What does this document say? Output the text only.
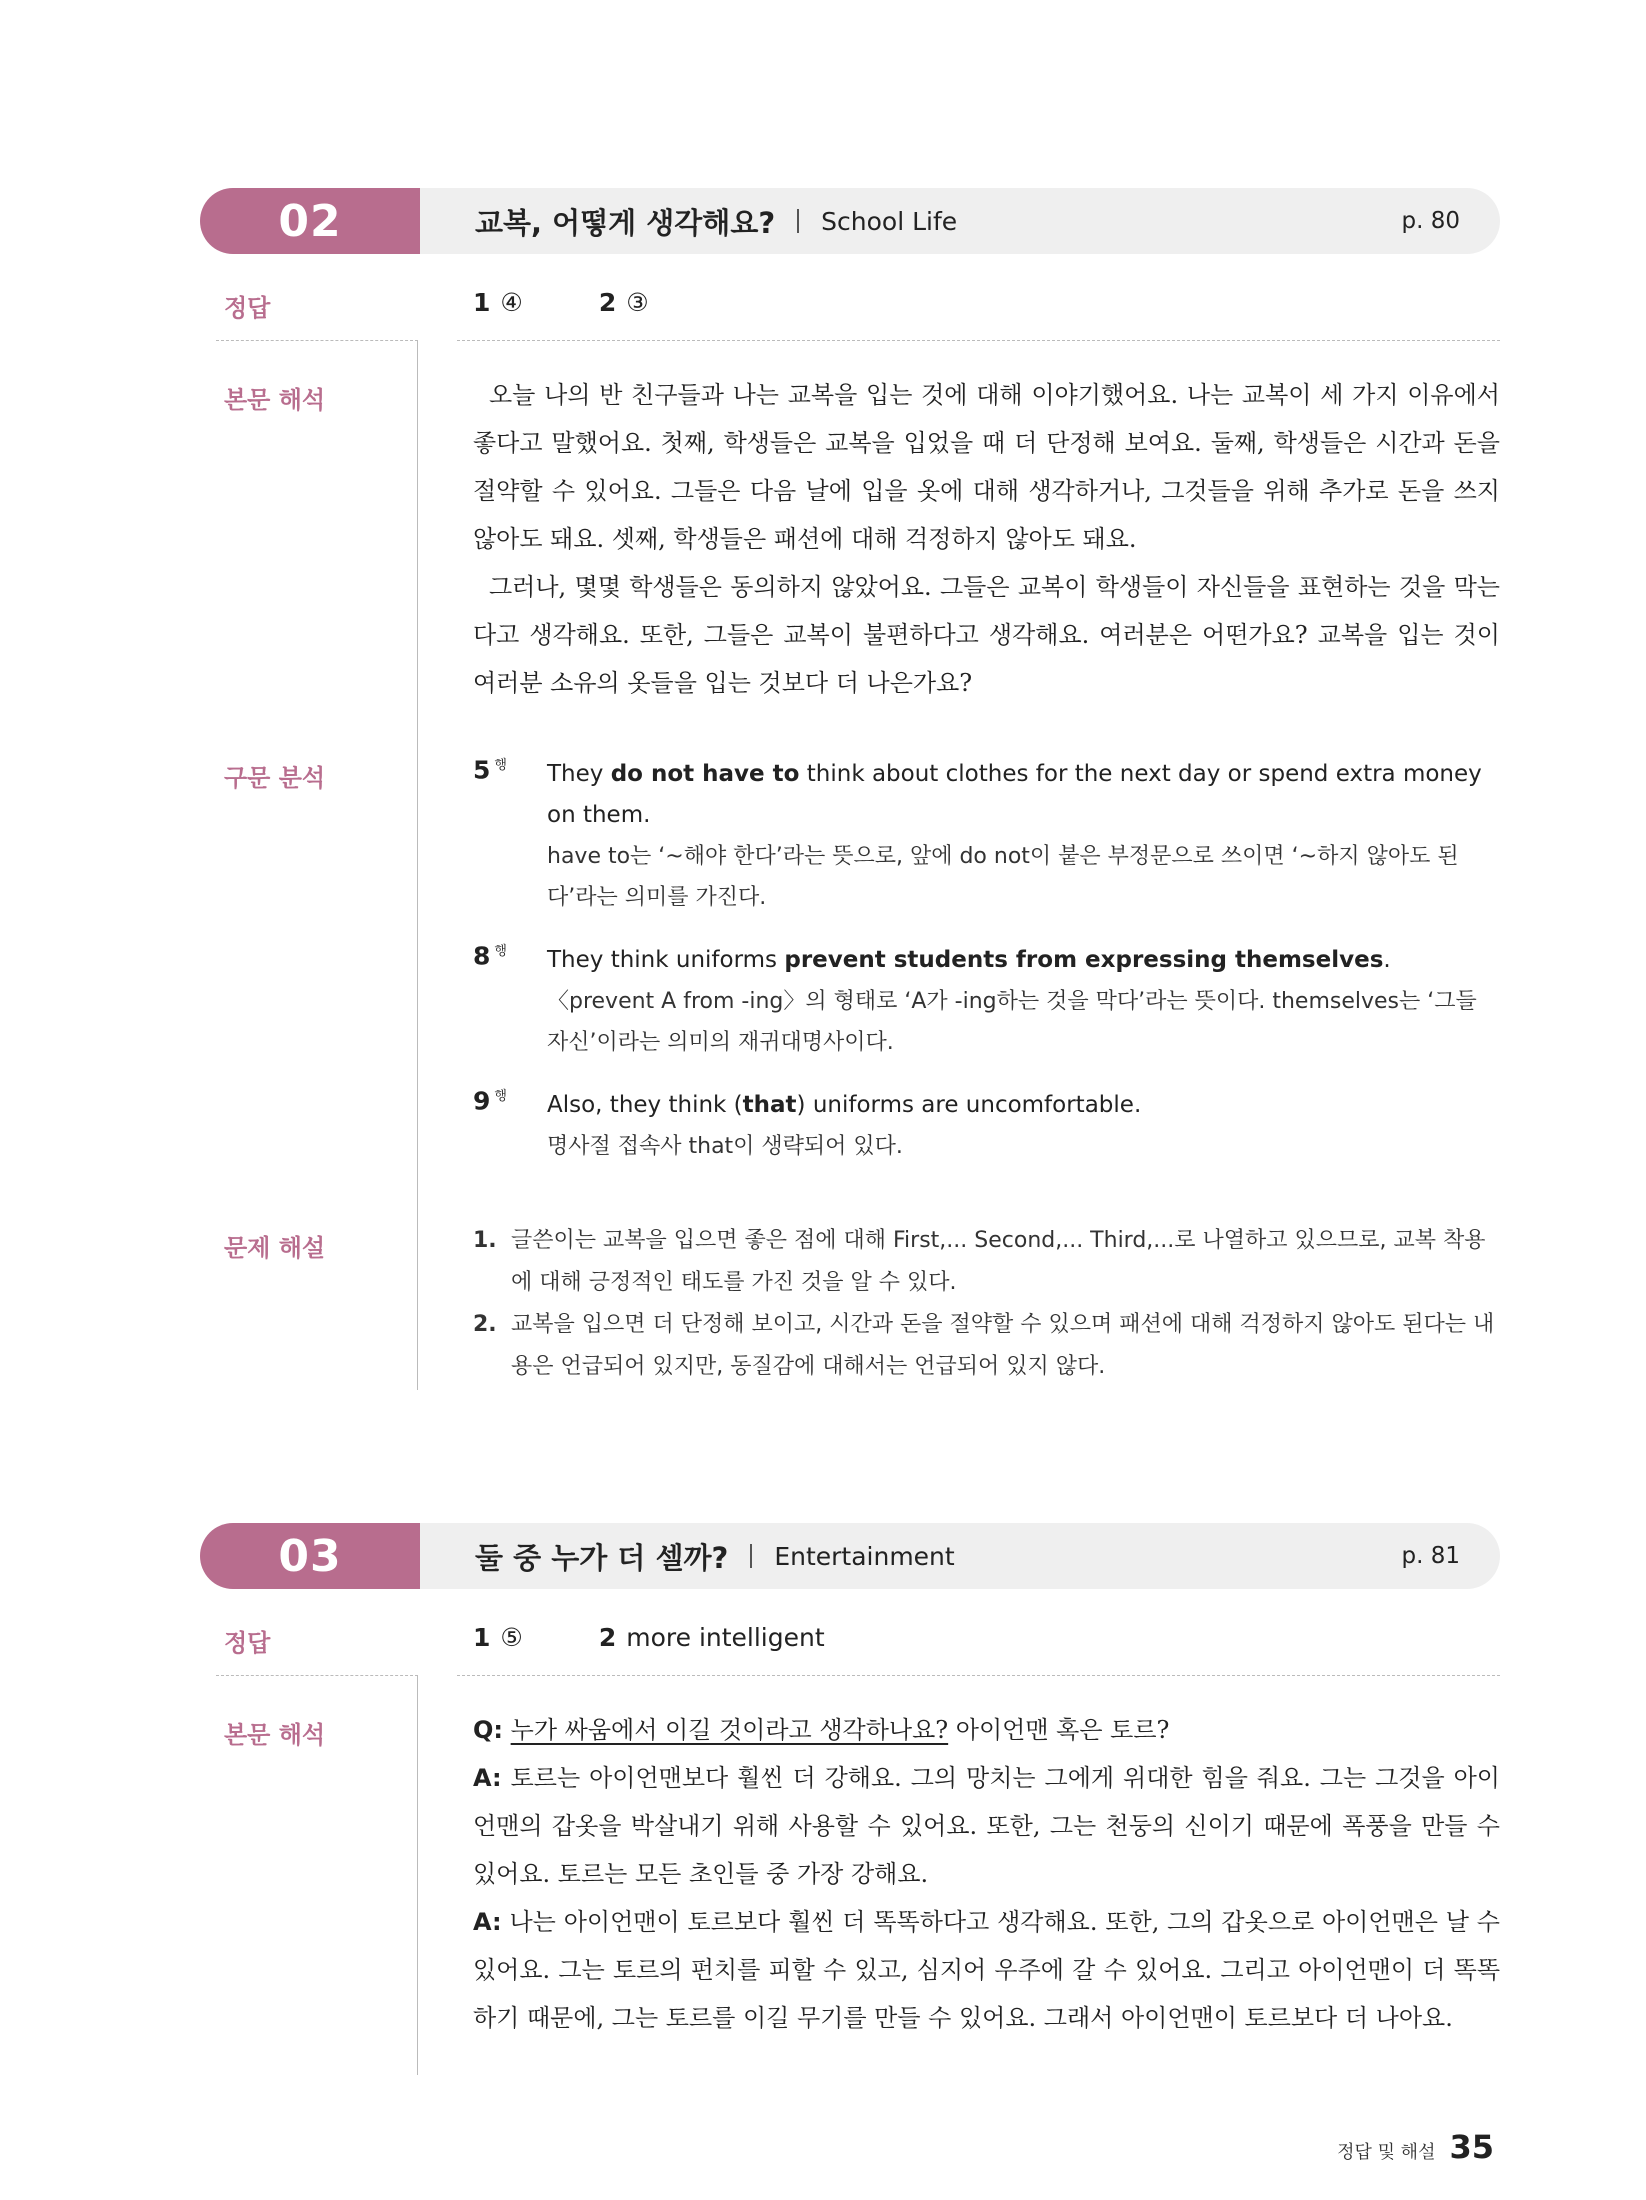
02	교복, 어떻게 생각해요? School Life	p. 80
정답	1 ④	2 ③
본문 해석	오늘 나의 반 친구들과 나는 교복을 입는 것에 대해 이야기했어요. 나는 교복이 세 가지 이유에서 좋다고 말했어요. 첫째, 학생들은 교복을 입었을 때 더 단정해 보여요. 둘째, 학생들은 시간과 돈을 절약할 수 있어요. 그들은 다음 날에 입을 옷에 대해 생각하거나, 그것들을 위해 추가로 돈을 쓰지 않아도 돼요. 셋째, 학생들은 패션에 대해 걱정하지 않아도 돼요.

그러나, 몇몇 학생들은 동의하지 않았어요. 그들은 교복이 학생들이 자신들을 표현하는 것을 막는다고 생각해요. 또한, 그들은 교복이 불편하다고 생각해요. 여러분은 어떤가요? 교복을 입는 것이 여러분 소유의 옷들을 입는 것보다 더 나은가요?

구문 분석	5 $^행$ They do not have to think about clothes for the next day or spend extra money on them.
have to는 ‘~해야 한다’라는 뜻으로, 앞에 do not이 붙은 부정문으로 쓰이면 ‘~하지 않아도 된다’라는 의미를 가진다.
8 $^행$ They think uniforms prevent students from expressing themselves.
〈prevent A from -ing〉의 형태로 ‘A가 -ing하는 것을 막다’라는 뜻이다. themselves는 ‘그들 자신’이라는 의미의 재귀대명사이다.
9 $^행$ Also, they think (that) uniforms are uncomfortable.
명사절 접속사 that이 생략되어 있다.
문제 해설	1. 글쓴이는 교복을 입으면 좋은 점에 대해 First,... Second,... Third,...로 나열하고 있으므로, 교복 착용에 대해 긍정적인 태도를 가진 것을 알 수 있다.
2. 교복을 입으면 더 단정해 보이고, 시간과 돈을 절약할 수 있으며 패션에 대해 걱정하지 않아도 된다는 내용은 언급되어 있지만, 동질감에 대해서는 언급되어 있지 않다.
03	둘 중 누가 더 셀까? Entertainment	p. 81
정답	1 ⑤	2 more intelligent
본문 해석	Q: 누가 싸움에서 이길 것이라고 생각하나요? 아이언맨 혹은 토르?

A: 토르는 아이언맨보다 훨씬 더 강해요. 그의 망치는 그에게 위대한 힘을 줘요. 그는 그것을 아이언맨의 갑옷을 박살내기 위해 사용할 수 있어요. 또한, 그는 천둥의 신이기 때문에 폭풍을 만들 수 있어요. 토르는 모든 초인들 중 가장 강해요.

A: 나는 아이언맨이 토르보다 훨씬 더 똑똑하다고 생각해요. 또한, 그의 갑옷으로 아이언맨은 날 수 있어요. 그는 토르의 펀치를 피할 수 있고, 심지어 우주에 갈 수 있어요. 그리고 아이언맨이 더 똑똑하기 때문에, 그는 토르를 이길 무기를 만들 수 있어요. 그래서 아이언맨이 토르보다 더 나아요.

정답 및 해설 35
